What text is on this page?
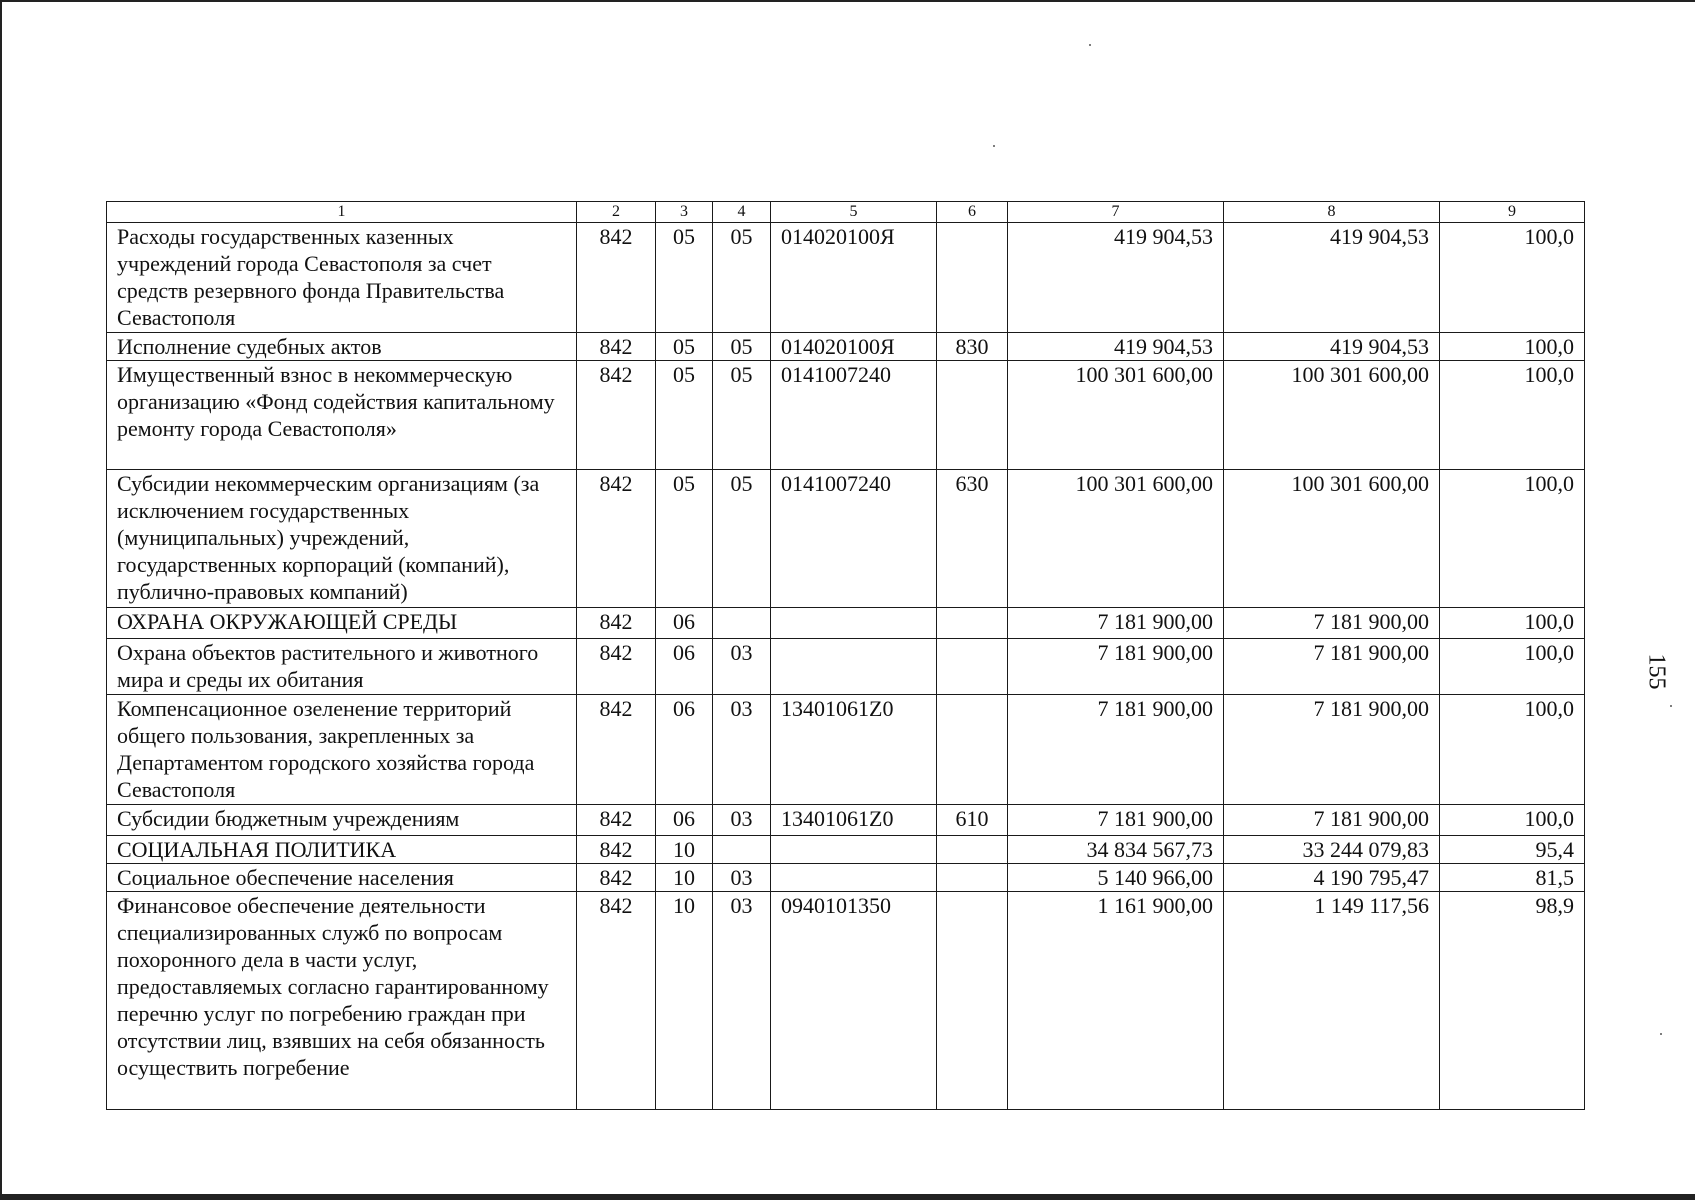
1	2	3	4	5	6	7	8	9
Расходы государственных казенных учреждений города Севастополя за счет средств резервного фонда Правительства Севастополя	842	05	05	014020100Я		419 904,53	419 904,53	100,0
Исполнение судебных актов	842	05	05	014020100Я	830	419 904,53	419 904,53	100,0
Имущественный взнос в некоммерческую организацию «Фонд содействия капитальному ремонту города Севастополя»	842	05	05	0141007240		100 301 600,00	100 301 600,00	100,0
Субсидии некоммерческим организациям (за исключением государственных (муниципальных) учреждений, государственных корпораций (компаний), публично-правовых компаний)	842	05	05	0141007240	630	100 301 600,00	100 301 600,00	100,0
ОХРАНА ОКРУЖАЮЩЕЙ СРЕДЫ	842	06				7 181 900,00	7 181 900,00	100,0
Охрана объектов растительного и животного мира и среды их обитания	842	06	03			7 181 900,00	7 181 900,00	100,0
Компенсационное озеленение территорий общего пользования, закрепленных за Департаментом городского хозяйства города Севастополя	842	06	03	13401061Z0		7 181 900,00	7 181 900,00	100,0
Субсидии бюджетным учреждениям	842	06	03	13401061Z0	610	7 181 900,00	7 181 900,00	100,0
СОЦИАЛЬНАЯ ПОЛИТИКА	842	10				34 834 567,73	33 244 079,83	95,4
Социальное обеспечение населения	842	10	03			5 140 966,00	4 190 795,47	81,5
Финансовое обеспечение деятельности специализированных служб по вопросам похоронного дела в части услуг, предоставляемых согласно гарантированному перечню услуг по погребению граждан при отсутствии лиц, взявших на себя обязанность осуществить погребение	842	10	03	0940101350		1 161 900,00	1 149 117,56	98,9
155
